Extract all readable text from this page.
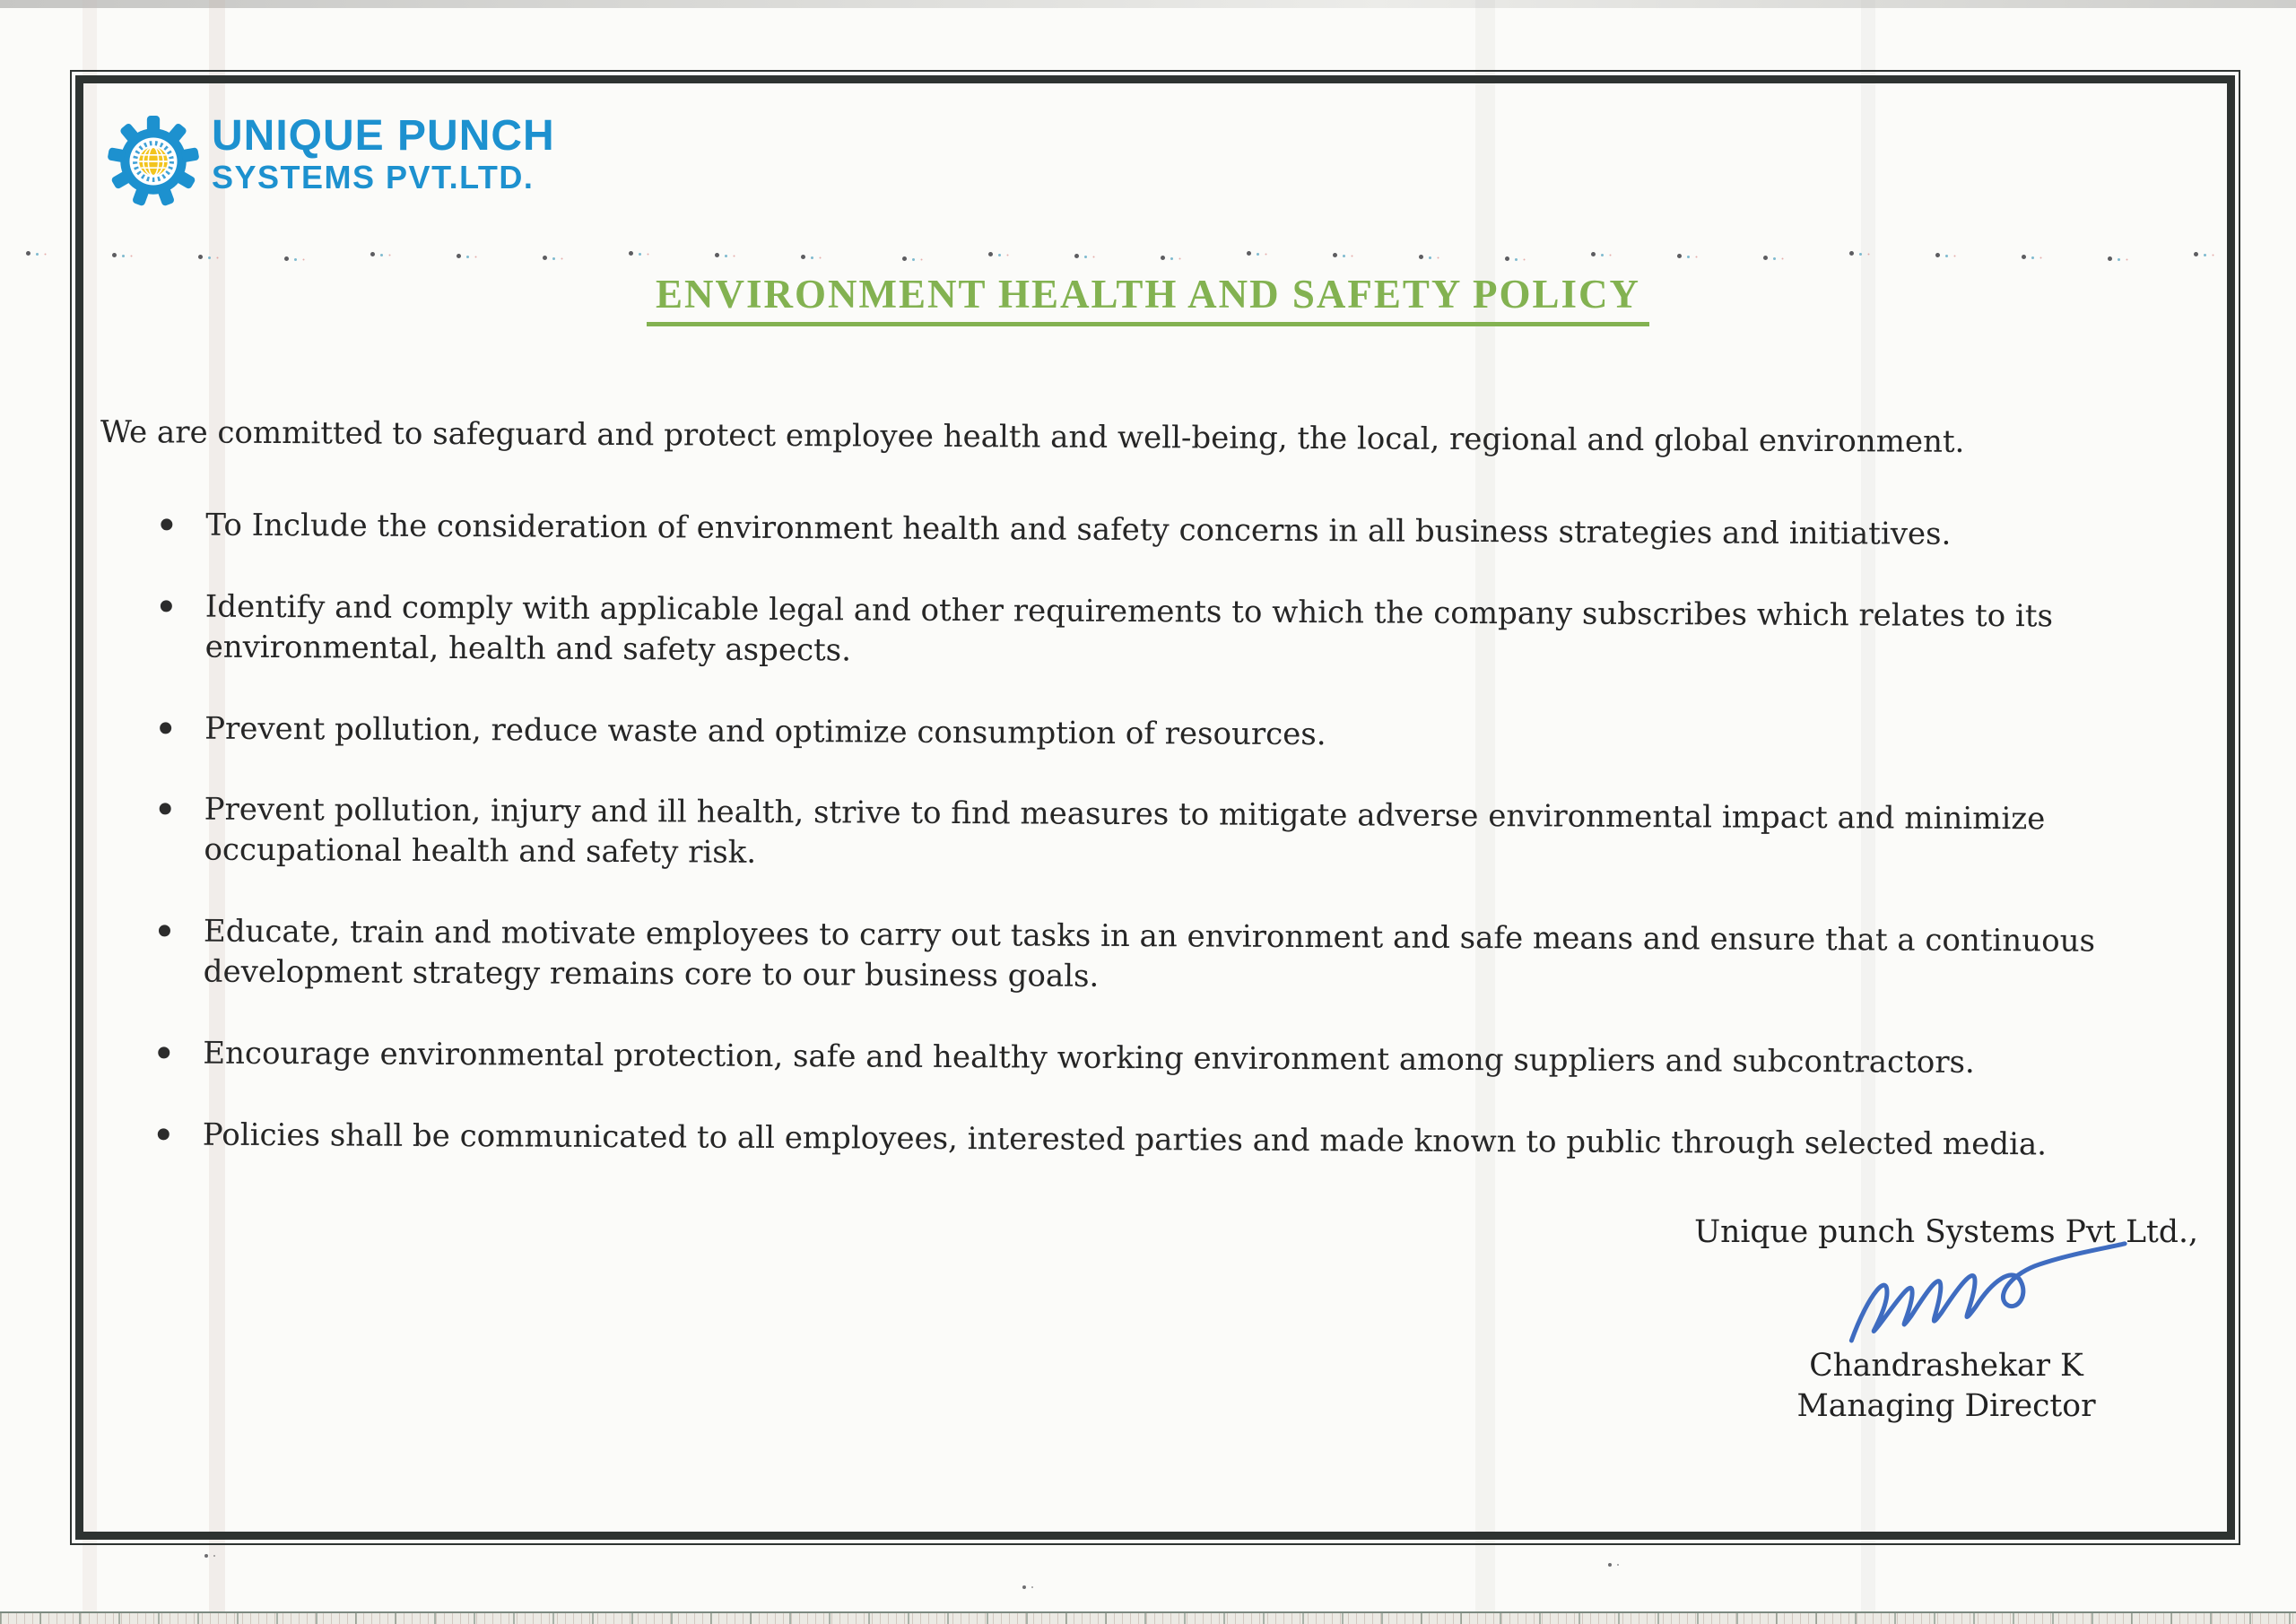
UNIQUE PUNCH
SYSTEMS PVT.LTD.
ENVIRONMENT HEALTH AND SAFETY POLICY

We are committed to safeguard and protect employee health and well-being, the local, regional and global environment.

To Include the consideration of environment health and safety concerns in all business strategies and initiatives.
Identify and comply with applicable legal and other requirements to which the company subscribes which relates to its environmental, health and safety aspects.
Prevent pollution, reduce waste and optimize consumption of resources.
Prevent pollution, injury and ill health, strive to find measures to mitigate adverse environmental impact and minimize occupational health and safety risk.
Educate, train and motivate employees to carry out tasks in an environment and safe means and ensure that a continuous development strategy remains core to our business goals.
Encourage environmental protection, safe and healthy working environment among suppliers and subcontractors.
Policies shall be communicated to all employees, interested parties and made known to public through selected media.
Unique punch Systems Pvt Ltd.,
Chandrashekar K
Managing Director
